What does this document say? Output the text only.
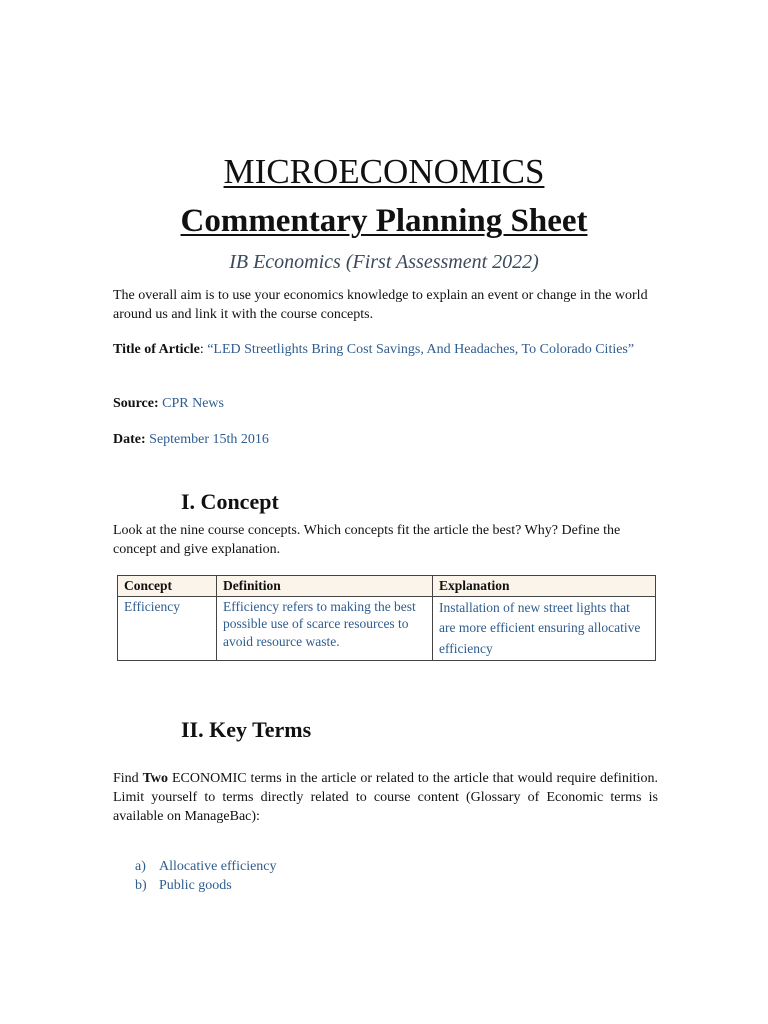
MICROECONOMICS
Commentary Planning Sheet
IB Economics (First Assessment 2022)

The overall aim is to use your economics knowledge to explain an event or change in the world around us and link it with the course concepts.

Title of Article: “LED Streetlights Bring Cost Savings, And Headaches, To Colorado Cities”

Source: CPR News

Date: September 15th 2016

I. Concept

Look at the nine course concepts. Which concepts fit the article the best? Why? Define the concept and give explanation.

Concept	Definition	Explanation
Efficiency	Efficiency refers to making the best possible use of scarce resources to avoid resource waste.	Installation of new street lights that are more efficient ensuring allocative efficiency
II. Key Terms

Find Two ECONOMIC terms in the article or related to the article that would require definition. Limit yourself to terms directly related to course content (Glossary of Economic terms is available on ManageBac):

a) Allocative efficiency
b) Public goods
